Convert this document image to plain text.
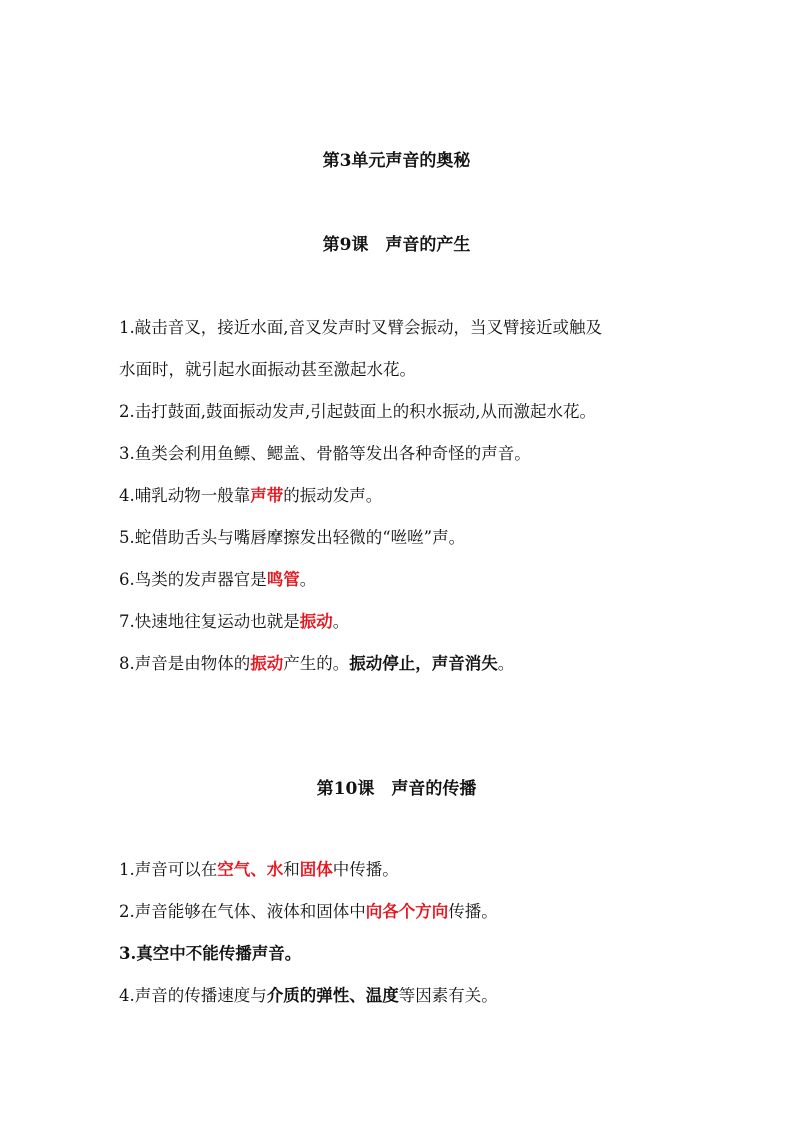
第3单元声音的奥秘
第9课　声音的产生
1.敲击音叉，接近水面,音叉发声时叉臂会振动，当叉臂接近或触及
水面时，就引起水面振动甚至激起水花。
2.击打鼓面,鼓面振动发声,引起鼓面上的积水振动,从而激起水花。
3.鱼类会利用鱼鳔、鳃盖、骨骼等发出各种奇怪的声音。
4.哺乳动物一般靠声带的振动发声。
5.蛇借助舌头与嘴唇摩擦发出轻微的“咝咝”声。
6.鸟类的发声器官是鸣管。
7.快速地往复运动也就是振动。
8.声音是由物体的振动产生的。振动停止，声音消失。
第10课　声音的传播
1.声音可以在空气、水和固体中传播。
2.声音能够在气体、液体和固体中向各个方向传播。
3.真空中不能传播声音。
4.声音的传播速度与介质的弹性、温度等因素有关。
